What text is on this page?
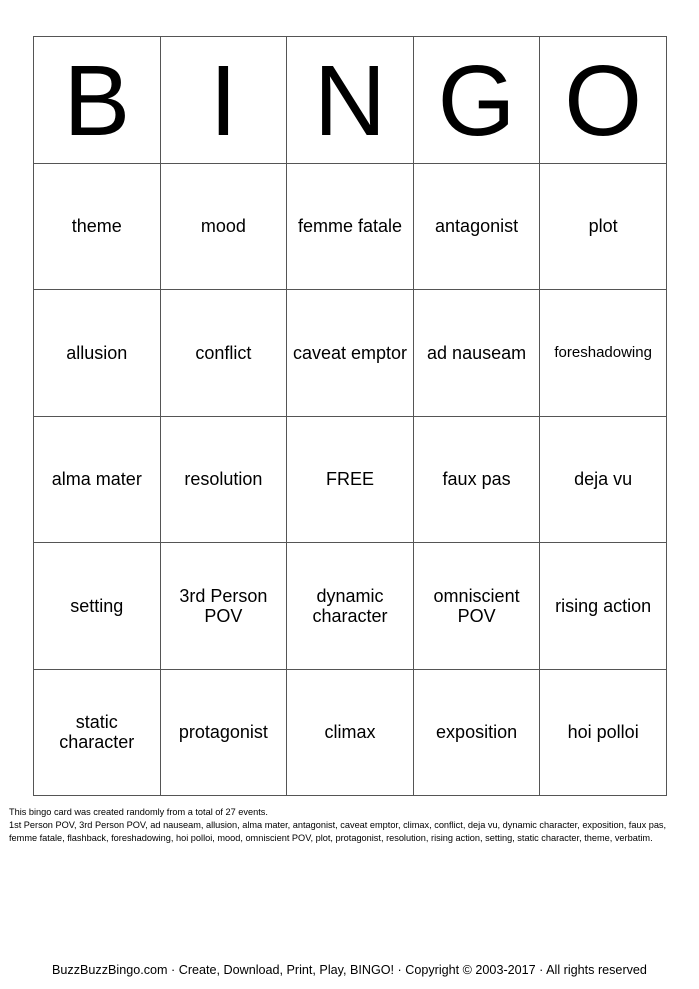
B	I	N	G	O
theme	mood	femme fatale	antagonist	plot
allusion	conflict	caveat emptor	ad nauseam	foreshadowing
alma mater	resolution	FREE	faux pas	deja vu
setting	3rd Person POV	dynamic character	omniscient POV	rising action
static character	protagonist	climax	exposition	hoi polloi
This bingo card was created randomly from a total of 27 events.
1st Person POV, 3rd Person POV, ad nauseam, allusion, alma mater, antagonist, caveat emptor, climax, conflict, deja vu, dynamic character, exposition, faux pas, femme fatale, flashback, foreshadowing, hoi polloi, mood, omniscient POV, plot, protagonist, resolution, rising action, setting, static character, theme, verbatim.
BuzzBuzzBingo.com · Create, Download, Print, Play, BINGO! · Copyright © 2003-2017 · All rights reserved
